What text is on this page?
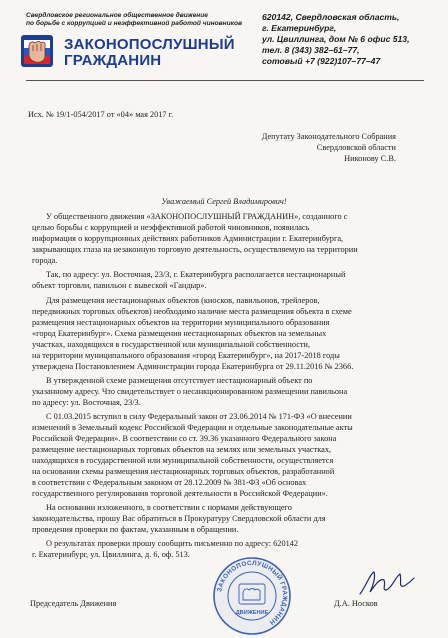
Свердловское региональное общественное движение
по борьбе с коррупцией и неэффективной работой чиновников
ЗАКОНОПОСЛУШНЫЙ
ГРАЖДАНИН
620142, Свердловская область,
г. Екатеринбург,
ул. Цвиллинга, дом № 6 офис 513,
тел. 8 (343) 382–61–77,
сотовый +7 (922)107–77–47
Исх. № 19/1-054/2017 от «04» мая 2017 г.
Депутату Законодательного Собрания
Свердловской области
Никонову С.В.
Уважаемый Сергей Владимирович!
У общественного движения «ЗАКОНОПОСЛУШНЫЙ ГРАЖДАНИН», созданного с
целью борьбы с коррупцией и неэффективной работой чиновников, появилась
информация о коррупционных действиях работников Администрации г. Екатеринбурга,
закрывающих глаза на незаконную торговую деятельность, осуществляемую на территории
города.
Так, по адресу: ул. Восточная, 23/3, г. Екатеринбурга располагается нестационарный
объект торговли, павильон с вывеской «Гандыр».
Для размещения нестационарных объектов (киосков, павильонов, трейлеров,
передвижных торговых объектов) необходимо наличие места размещения объекта в схеме
размещения нестационарных объектов на территории муниципального образования
«город Екатеринбург». Схема размещения нестационарных объектов на земельных
участках, находящихся в государственной или муниципальной собственности,
на территории муниципального образования «город Екатеринбург», на 2017-2018 годы
утверждена Постановлением Администрации города Екатеринбурга от 29.11.2016 № 2366.
В утвержденной схеме размещения отсутствует нестационарный объект по
указанному адресу. Что свидетельствует о несанкционированном размещении павильона
по адресу: ул. Восточная, 23/3.
С 01.03.2015 вступил в силу Федеральный закон от 23.06.2014 № 171-ФЗ «О внесении
изменений в Земельный кодекс Российской Федерации и отдельные законодательные акты
Российской Федерации». В соответствии со ст. 39.36 указанного Федерального закона
размещение нестационарных торговых объектов на землях или земельных участках,
находящихся в государственной или муниципальной собственности, осуществляется
на основании схемы размещения нестационарных торговых объектов, разработанной
в соответствии с Федеральным законом от 28.12.2009 № 381-ФЗ «Об основах
государственного регулирования торговой деятельности в Российской Федерации».
На основании изложенного, в соответствии с нормами действующего
законодательства, прошу Вас обратиться в Прокуратуру Свердловской области для
проведения проверки по фактам, указанным в обращении.
О результатах проверки прошу сообщить письменно по адресу: 620142
г. Екатеринбург, ул. Цвиллинга, д. 6, оф. 513.
ЗАКОНОПОСЛУШНЫЙ ГРАЖДАНИН
ДВИЖЕНИЕ
Председатель Движения	Д.А. Носков
